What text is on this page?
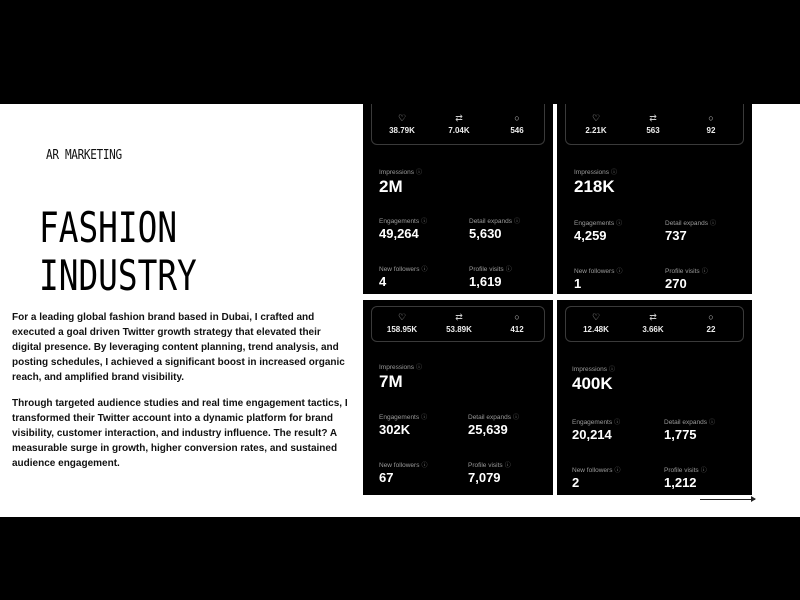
AR MARKETING
FASHION
INDUSTRY

For a leading global fashion brand based in Dubai, I crafted and executed a goal driven Twitter growth strategy that elevated their digital presence. By leveraging content planning, trend analysis, and posting schedules, I achieved a significant boost in increased organic reach, and amplified brand visibility.

Through targeted audience studies and real time engagement tactics, I transformed their Twitter account into a dynamic platform for brand visibility, customer interaction, and industry influence. The result? A measurable surge in growth, higher conversion rates, and sustained audience engagement.

♡
38.79K
⇄
7.04K
○
546
Impressions ⓘ
2M
Engagements ⓘ
49,264
Detail expands ⓘ
5,630
New followers ⓘ
4
Profile visits ⓘ
1,619
♡
2.21K
⇄
563
○
92
Impressions ⓘ
218K
Engagements ⓘ
4,259
Detail expands ⓘ
737
New followers ⓘ
1
Profile visits ⓘ
270
♡
158.95K
⇄
53.89K
○
412
Impressions ⓘ
7M
Engagements ⓘ
302K
Detail expands ⓘ
25,639
New followers ⓘ
67
Profile visits ⓘ
7,079
♡
12.48K
⇄
3.66K
○
22
Impressions ⓘ
400K
Engagements ⓘ
20,214
Detail expands ⓘ
1,775
New followers ⓘ
2
Profile visits ⓘ
1,212
